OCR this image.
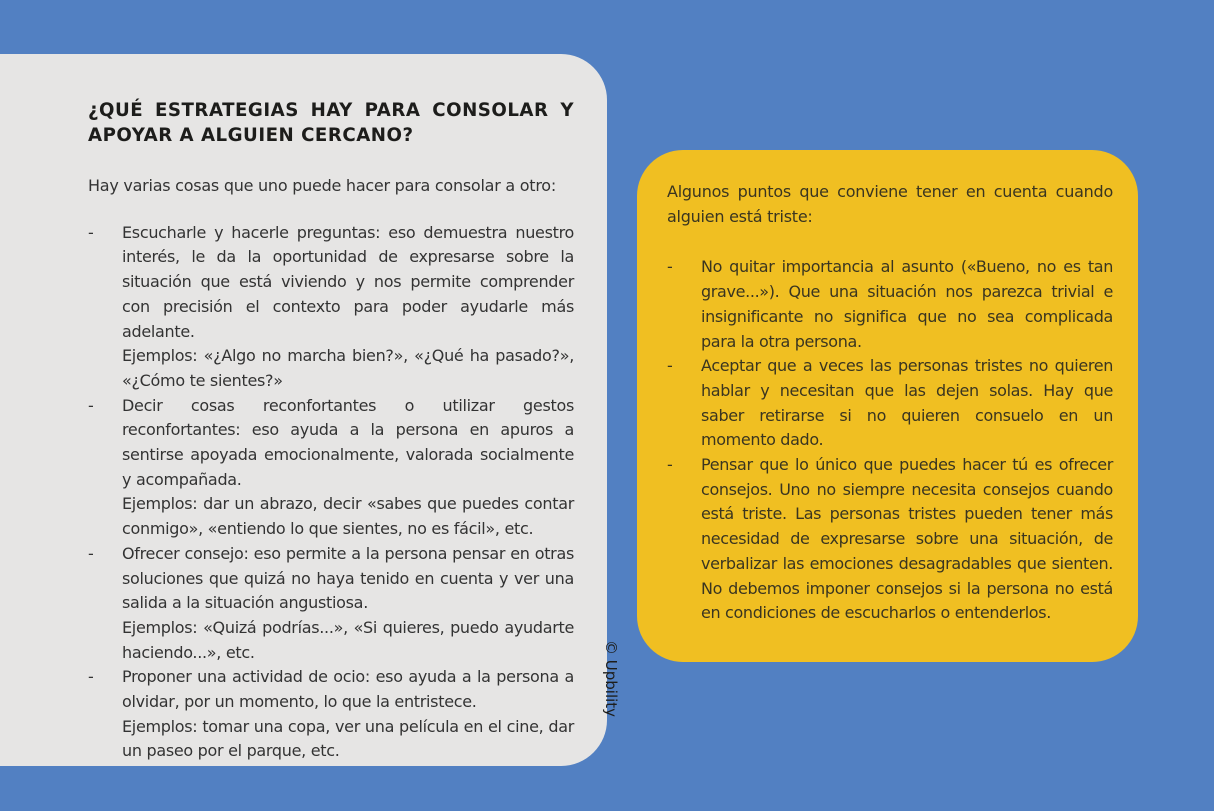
¿QUÉ ESTRATEGIAS HAY PARA CONSOLAR Y APOYAR A ALGUIEN CERCANO?

Hay varias cosas que uno puede hacer para consolar a otro:

- Escucharle y hacerle preguntas: eso demuestra nuestro interés, le da la oportunidad de expresarse sobre la situación que está viviendo y nos permite comprender con precisión el contexto para poder ayudarle más adelante.
Ejemplos: «¿Algo no marcha bien?», «¿Qué ha pasado?», «¿Cómo te sientes?»
- Decir cosas reconfortantes o utilizar gestos reconfortantes: eso ayuda a la persona en apuros a sentirse apoyada emocionalmente, valorada socialmente y acompañada.
Ejemplos: dar un abrazo, decir «sabes que puedes contar conmigo», «entiendo lo que sientes, no es fácil», etc.
- Ofrecer consejo: eso permite a la persona pensar en otras soluciones que quizá no haya tenido en cuenta y ver una salida a la situación angustiosa.
Ejemplos: «Quizá podrías...», «Si quieres, puedo ayudarte haciendo...», etc.
- Proponer una actividad de ocio: eso ayuda a la persona a olvidar, por un momento, lo que la entristece.
Ejemplos: tomar una copa, ver una película en el cine, dar un paseo por el parque, etc.
© Upbility

Algunos puntos que conviene tener en cuenta cuando alguien está triste:

- No quitar importancia al asunto («Bueno, no es tan grave...»). Que una situación nos parezca trivial e insignificante no significa que no sea complicada para la otra persona.
- Aceptar que a veces las personas tristes no quieren hablar y necesitan que las dejen solas. Hay que saber retirarse si no quieren consuelo en un momento dado.
- Pensar que lo único que puedes hacer tú es ofrecer consejos. Uno no siempre necesita consejos cuando está triste. Las personas tristes pueden tener más necesidad de expresarse sobre una situación, de verbalizar las emociones desagradables que sienten. No debemos imponer consejos si la persona no está en condiciones de escucharlos o entenderlos.
